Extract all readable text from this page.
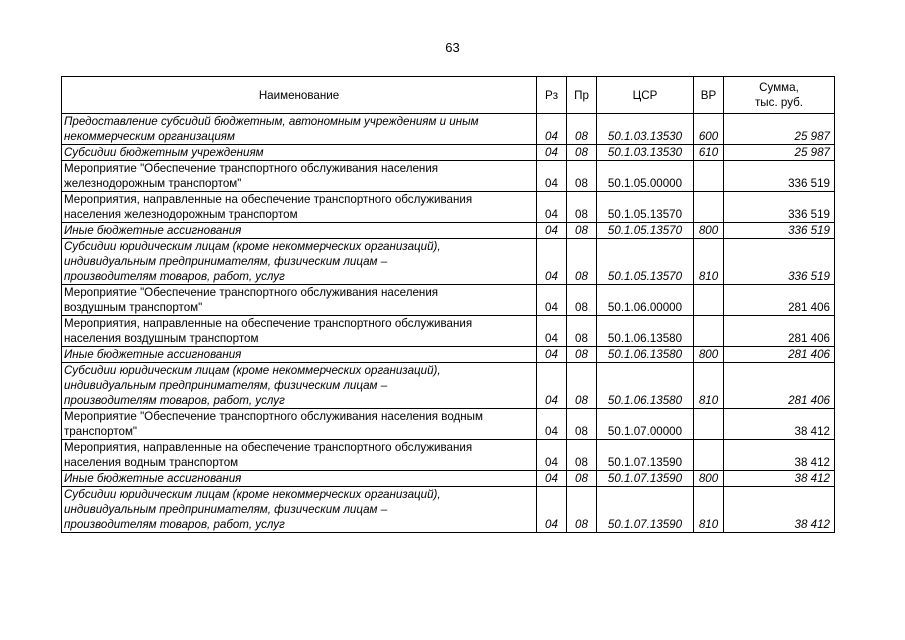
63
Наименование	Рз	Пр	ЦСР	ВР	Сумма,
тыс. руб.

Предоставление субсидий бюджетным, автономным учреждениям и иным
некоммерческим организациям	04	08	50.1.03.13530	600	25 987

Субсидии бюджетным учреждениям	04	08	50.1.03.13530	610	25 987

Мероприятие "Обеспечение транспортного обслуживания населения
железнодорожным транспортом"	04	08	50.1.05.00000		336 519

Мероприятия, направленные на обеспечение транспортного обслуживания
населения железнодорожным транспортом	04	08	50.1.05.13570		336 519

Иные бюджетные ассигнования	04	08	50.1.05.13570	800	336 519

Субсидии юридическим лицам (кроме некоммерческих организаций),
индивидуальным предпринимателям, физическим лицам –
производителям товаров, работ, услуг	04	08	50.1.05.13570	810	336 519

Мероприятие "Обеспечение транспортного обслуживания населения
воздушным транспортом"	04	08	50.1.06.00000		281 406

Мероприятия, направленные на обеспечение транспортного обслуживания
населения воздушным транспортом	04	08	50.1.06.13580		281 406

Иные бюджетные ассигнования	04	08	50.1.06.13580	800	281 406

Субсидии юридическим лицам (кроме некоммерческих организаций),
индивидуальным предпринимателям, физическим лицам –
производителям товаров, работ, услуг	04	08	50.1.06.13580	810	281 406

Мероприятие "Обеспечение транспортного обслуживания населения водным
транспортом"	04	08	50.1.07.00000		38 412

Мероприятия, направленные на обеспечение транспортного обслуживания
населения водным транспортом	04	08	50.1.07.13590		38 412

Иные бюджетные ассигнования	04	08	50.1.07.13590	800	38 412

Субсидии юридическим лицам (кроме некоммерческих организаций),
индивидуальным предпринимателям, физическим лицам –
производителям товаров, работ, услуг	04	08	50.1.07.13590	810	38 412
